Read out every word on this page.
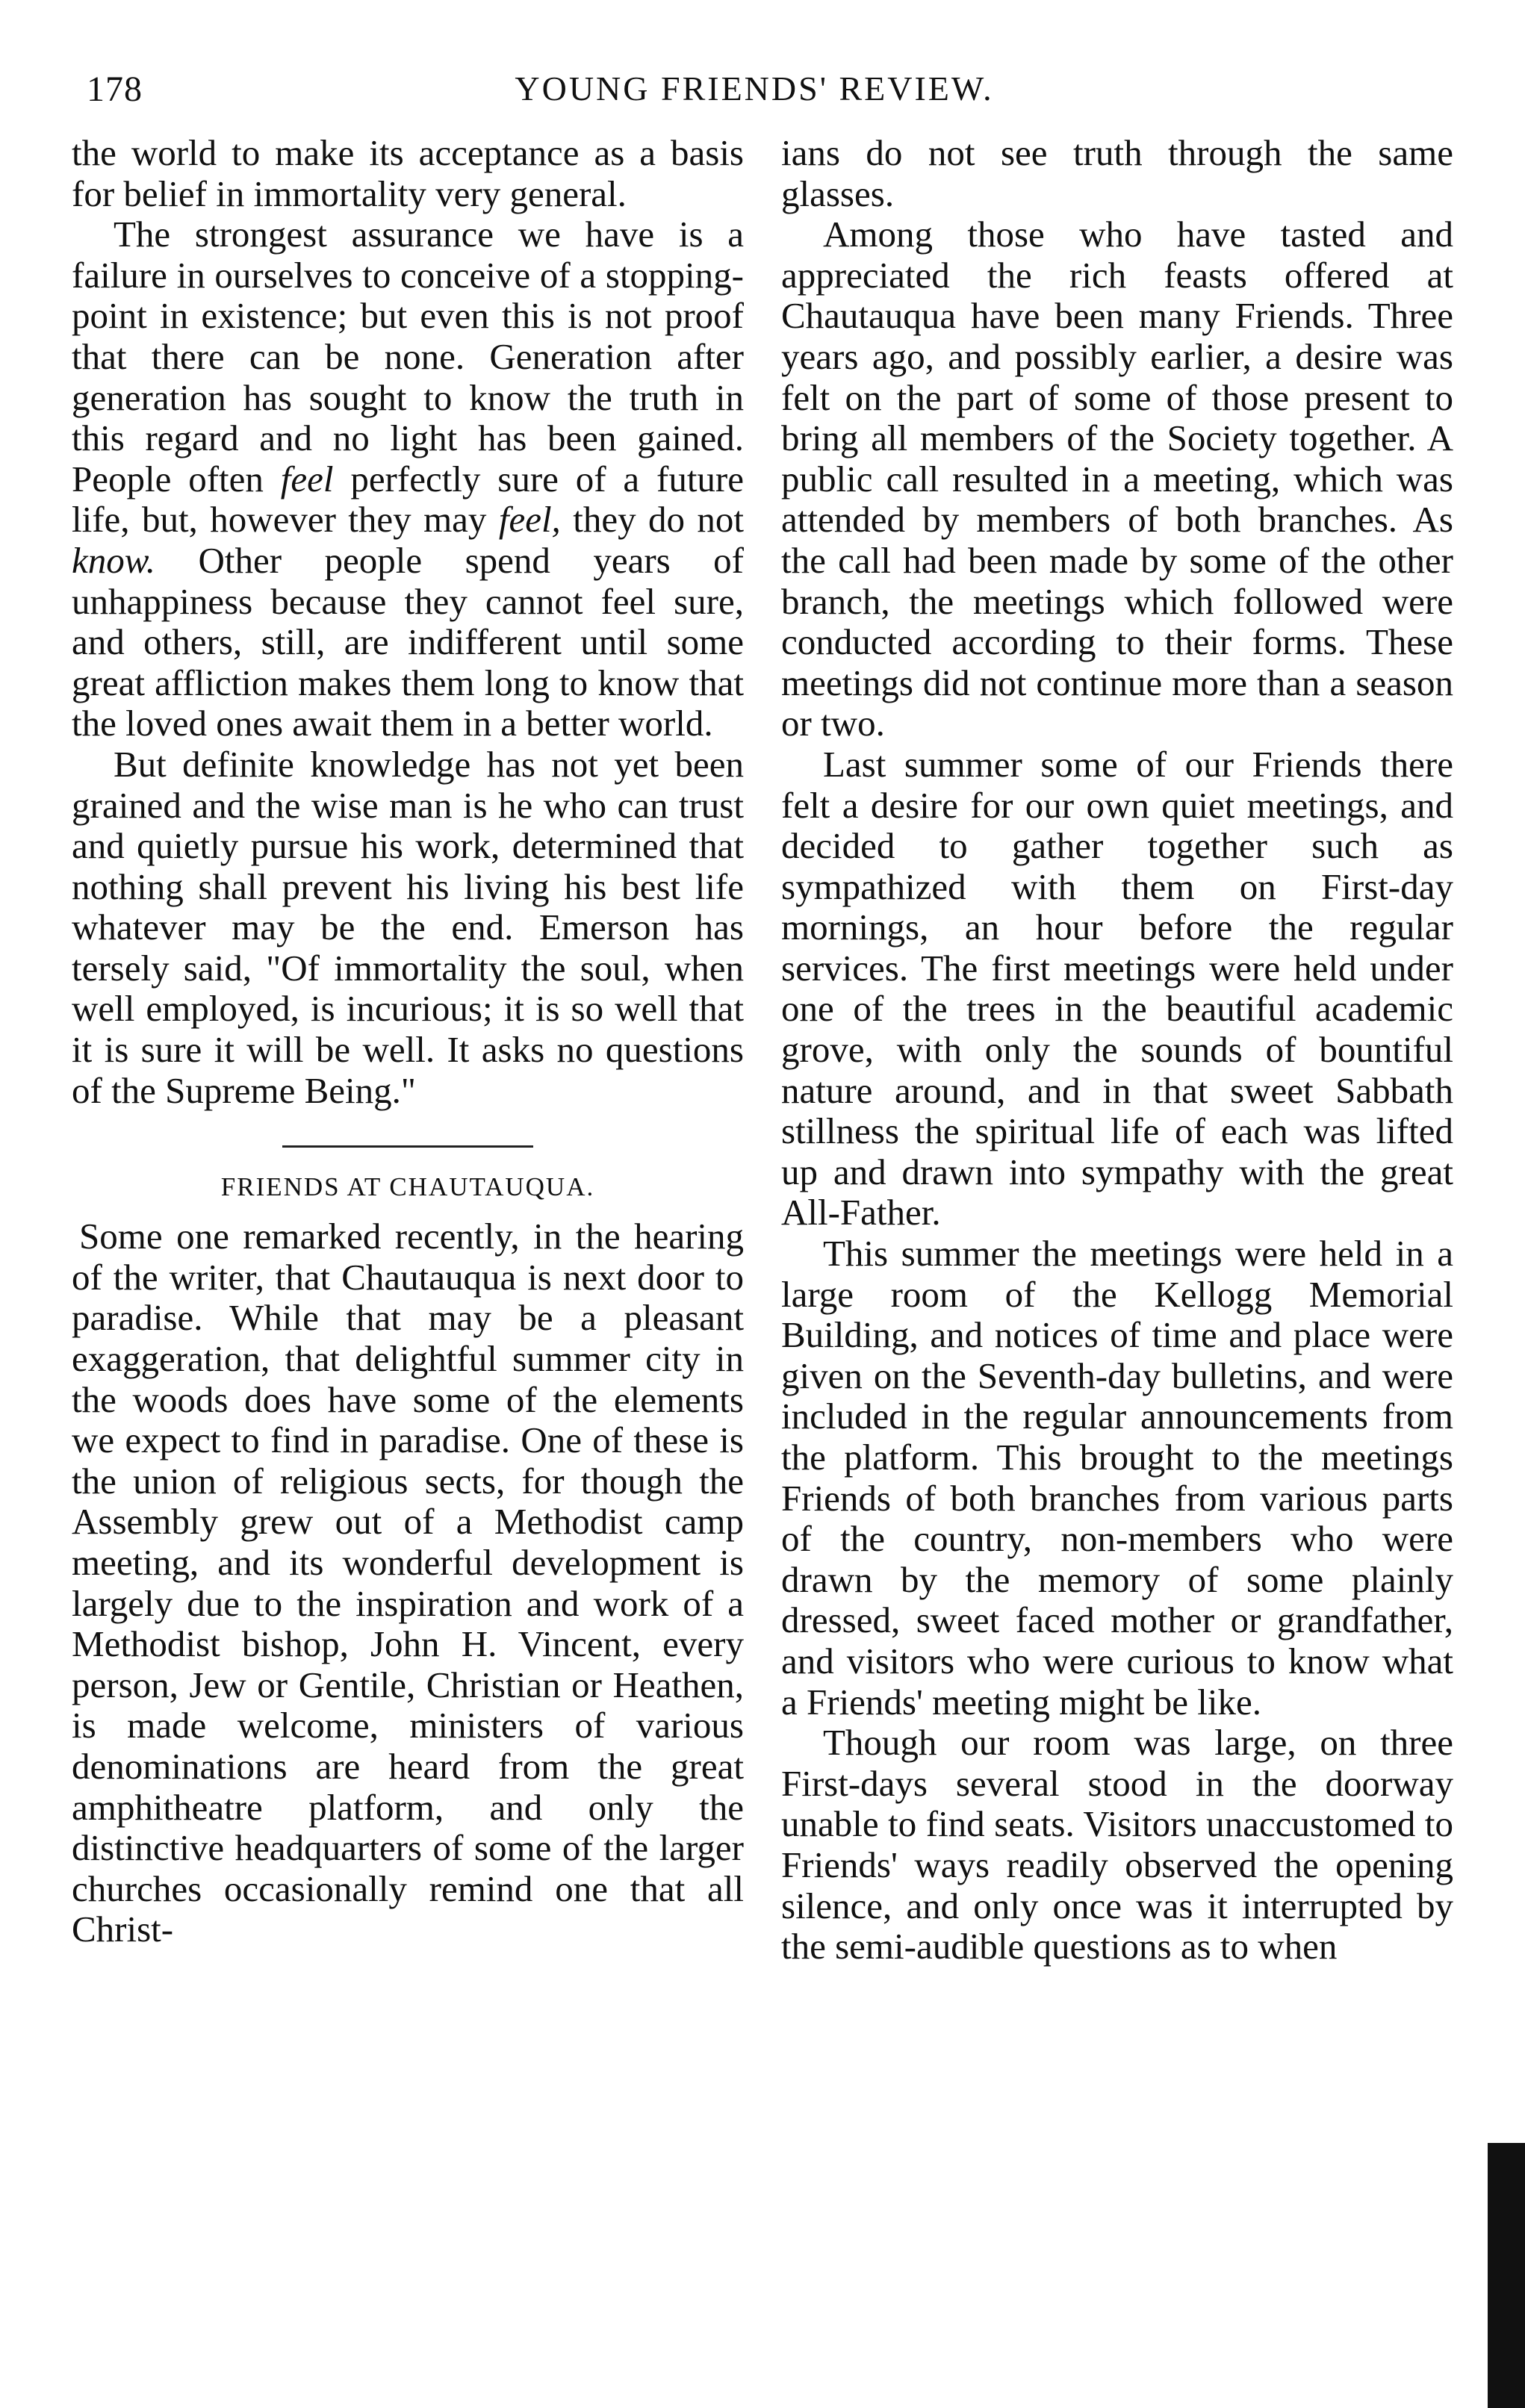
178	YOUNG FRIENDS' REVIEW.

the world to make its acceptance as a basis for belief in immortality very general.

The strongest assurance we have is a failure in ourselves to conceive of a stopping-point in existence; but even this is not proof that there can be none. Generation after generation has sought to know the truth in this regard and no light has been gained. People often feel perfectly sure of a future life, but, however they may feel, they do not know. Other people spend years of unhappiness because they cannot feel sure, and others, still, are indifferent until some great affliction makes them long to know that the loved ones await them in a better world.

But definite knowledge has not yet been grained and the wise man is he who can trust and quietly pursue his work, determined that nothing shall prevent his living his best life whatever may be the end. Emerson has tersely said, "Of immortality the soul, when well employed, is incurious; it is so well that it is sure it will be well. It asks no questions of the Supreme Being."

FRIENDS AT CHAUTAUQUA.

Some one remarked recently, in the hearing of the writer, that Chautauqua is next door to paradise. While that may be a pleasant exaggeration, that delightful summer city in the woods does have some of the elements we expect to find in paradise. One of these is the union of religious sects, for though the Assembly grew out of a Methodist camp meeting, and its wonderful development is largely due to the inspiration and work of a Methodist bishop, John H. Vincent, every person, Jew or Gentile, Christian or Heathen, is made welcome, ministers of various denominations are heard from the great amphitheatre platform, and only the distinctive headquarters of some of the larger churches occasionally remind one that all Christ-

ians do not see truth through the same glasses.

Among those who have tasted and appreciated the rich feasts offered at Chautauqua have been many Friends. Three years ago, and possibly earlier, a desire was felt on the part of some of those present to bring all members of the Society together. A public call resulted in a meeting, which was attended by members of both branches. As the call had been made by some of the other branch, the meetings which followed were conducted according to their forms. These meetings did not continue more than a season or two.

Last summer some of our Friends there felt a desire for our own quiet meetings, and decided to gather together such as sympathized with them on First-day mornings, an hour before the regular services. The first meetings were held under one of the trees in the beautiful academic grove, with only the sounds of bountiful nature around, and in that sweet Sabbath stillness the spiritual life of each was lifted up and drawn into sympathy with the great All-Father.

This summer the meetings were held in a large room of the Kellogg Memorial Building, and notices of time and place were given on the Seventh-day bulletins, and were included in the regular announcements from the platform. This brought to the meetings Friends of both branches from various parts of the country, non-members who were drawn by the memory of some plainly dressed, sweet faced mother or grandfather, and visitors who were curious to know what a Friends' meeting might be like.

Though our room was large, on three First-days several stood in the doorway unable to find seats. Visitors unaccustomed to Friends' ways readily observed the opening silence, and only once was it interrupted by the semi-audible questions as to when
